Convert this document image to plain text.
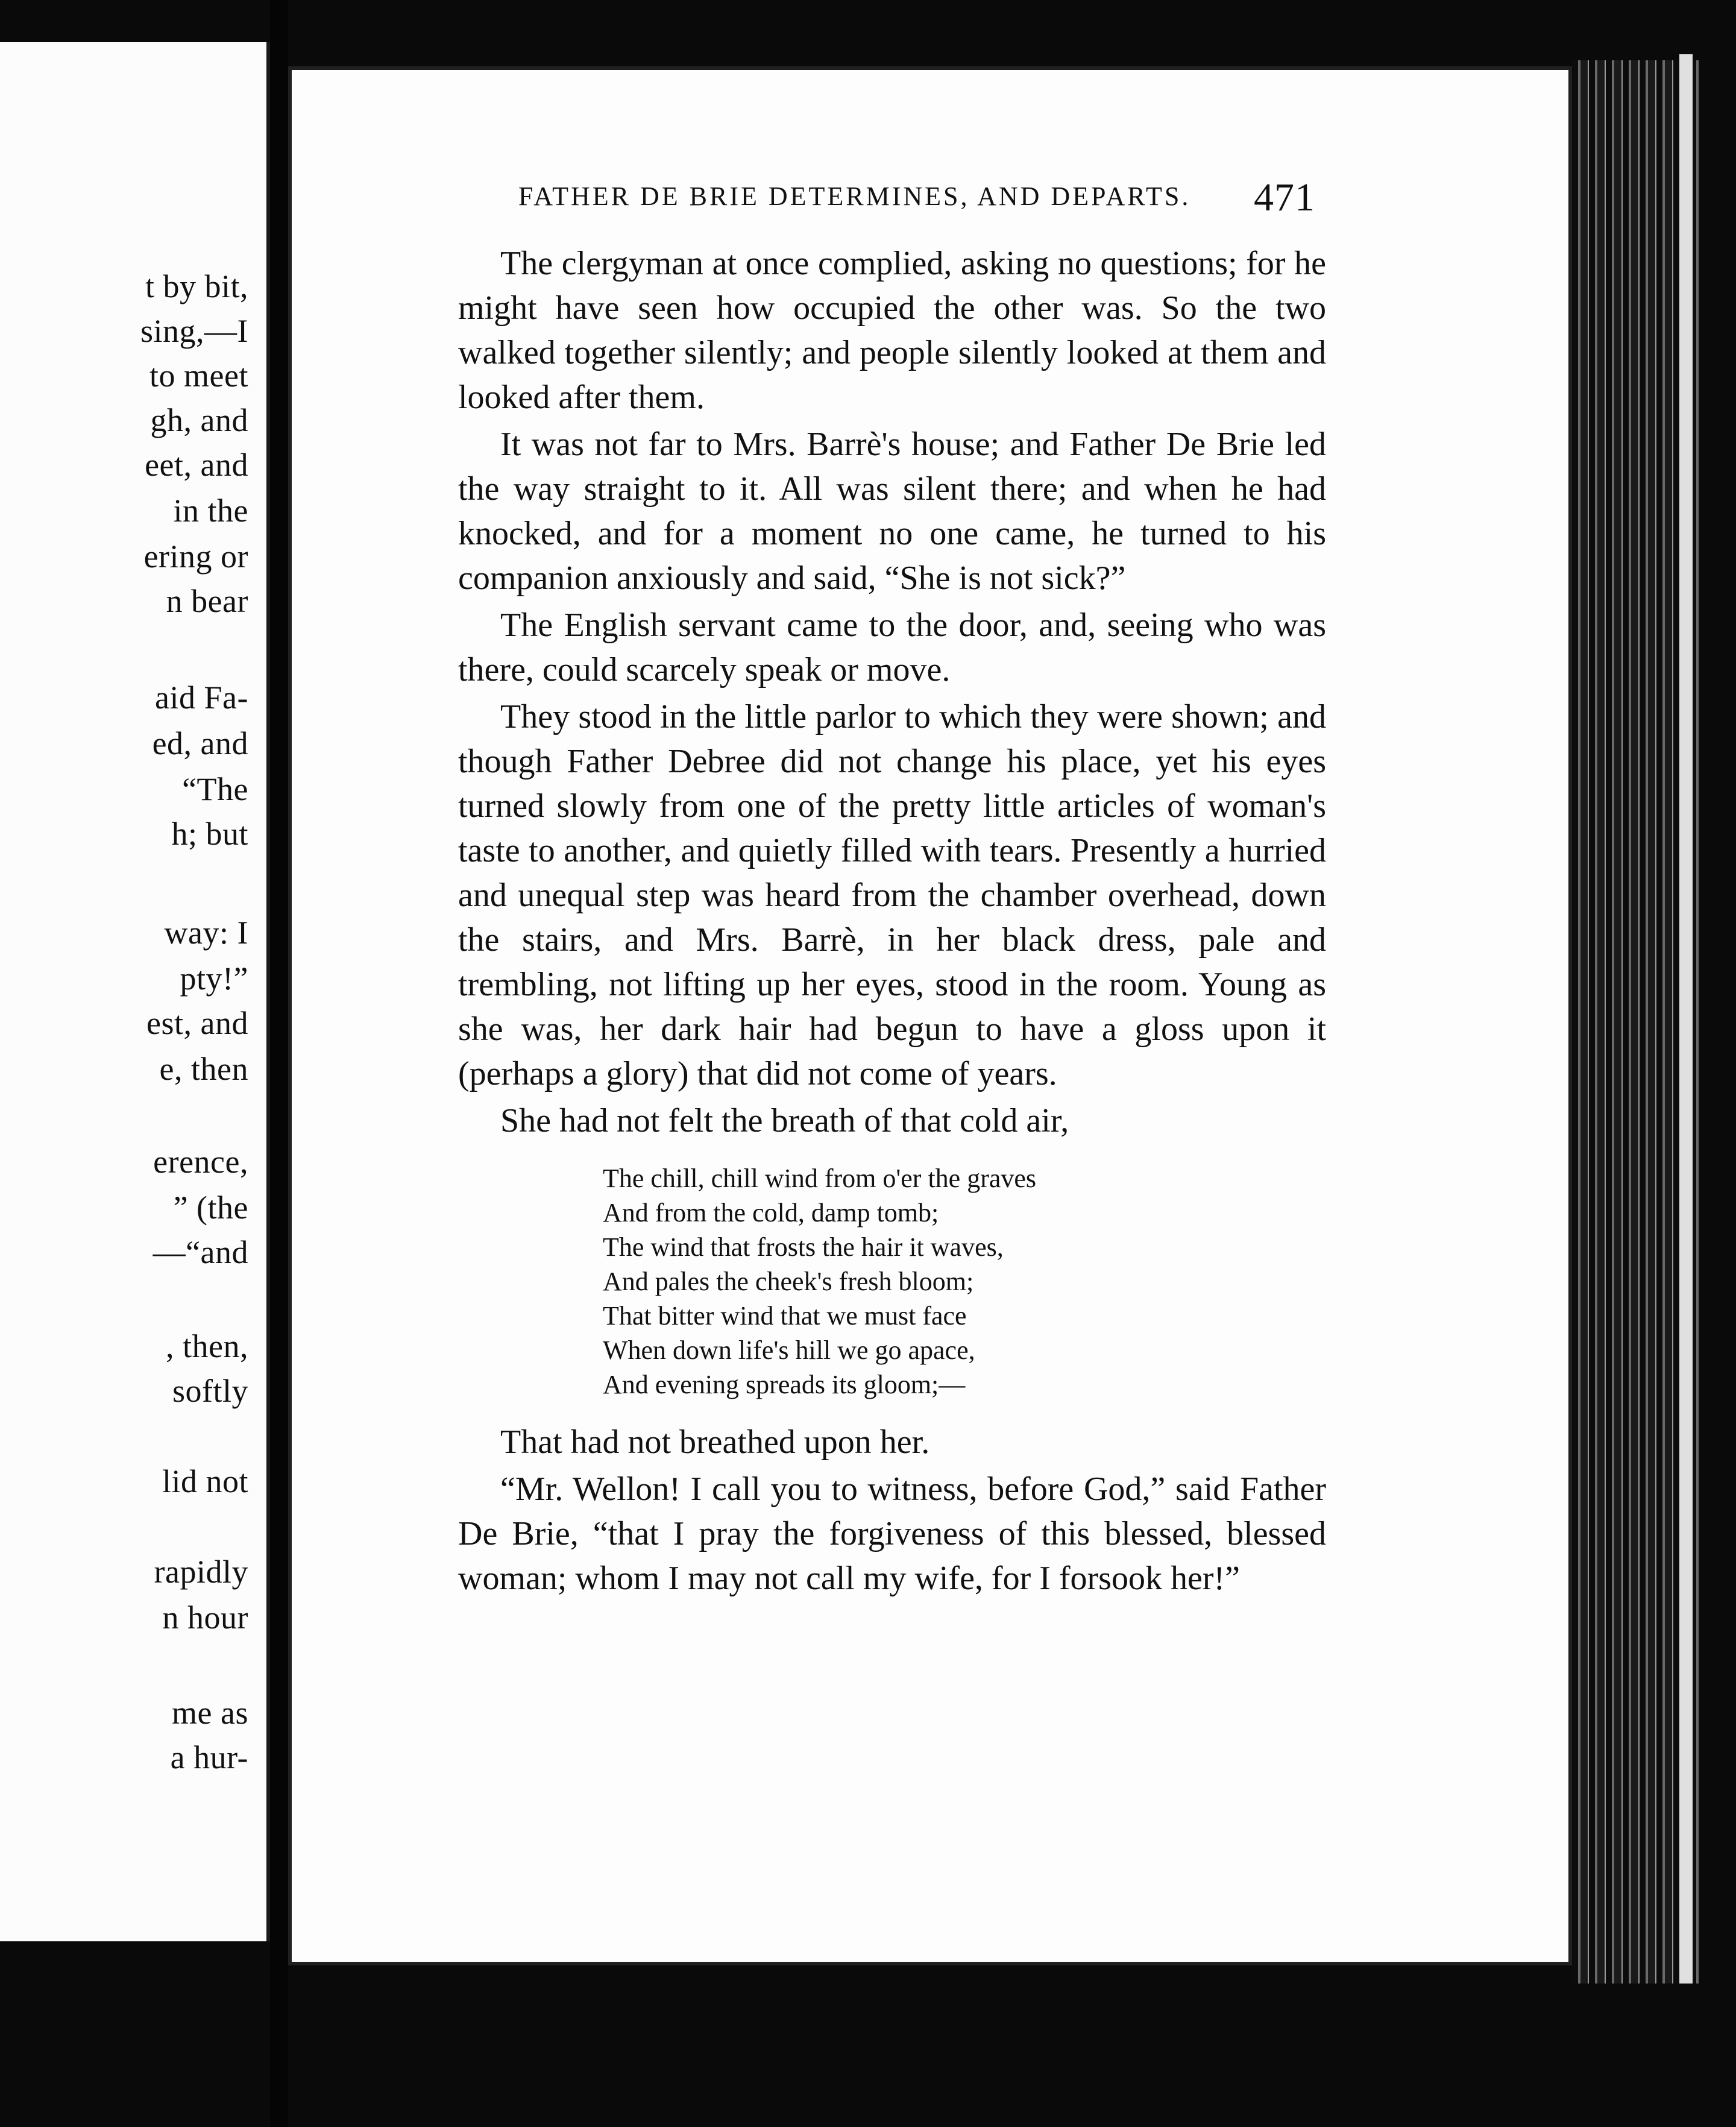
t by bit,
sing,—I
to meet
gh, and
eet, and
in the
ering or
n bear
aid Fa-
ed, and
“The
h; but
way: I
pty!”
est, and
e, then
erence,
” (the
—“and
, then,
softly
lid not
rapidly
n hour
me as
a hur-
FATHER DE BRIE DETERMINES, AND DEPARTS.	471

The clergyman at once complied, asking no questions; for he might have seen how occupied the other was. So the two walked together silently; and people silently looked at them and looked after them.

It was not far to Mrs. Barrè's house; and Father De Brie led the way straight to it. All was silent there; and when he had knocked, and for a moment no one came, he turned to his companion anxiously and said, “She is not sick?”

The English servant came to the door, and, seeing who was there, could scarcely speak or move.

They stood in the little parlor to which they were shown; and though Father Debree did not change his place, yet his eyes turned slowly from one of the pretty little articles of woman's taste to another, and quietly filled with tears. Presently a hurried and unequal step was heard from the chamber overhead, down the stairs, and Mrs. Barrè, in her black dress, pale and trembling, not lifting up her eyes, stood in the room. Young as she was, her dark hair had begun to have a gloss upon it (perhaps a glory) that did not come of years.

She had not felt the breath of that cold air,

The chill, chill wind from o'er the graves
And from the cold, damp tomb;
The wind that frosts the hair it waves,
And pales the cheek's fresh bloom;
That bitter wind that we must face
When down life's hill we go apace,
And evening spreads its gloom;—

That had not breathed upon her.

“Mr. Wellon! I call you to witness, before God,” said Father De Brie, “that I pray the forgiveness of this blessed, blessed woman; whom I may not call my wife, for I forsook her!”
